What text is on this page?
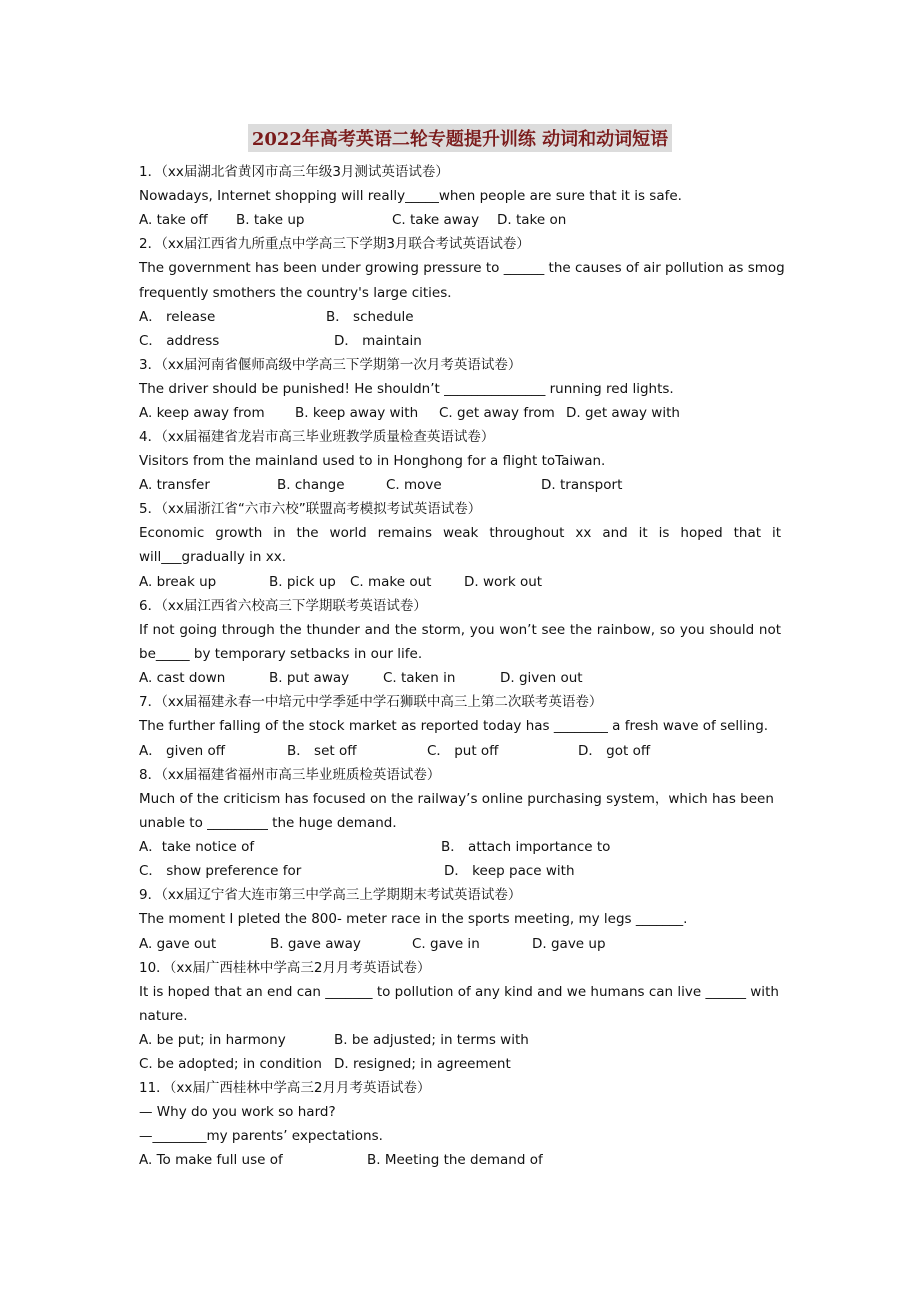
2022年高考英语二轮专题提升训练 动词和动词短语
1．（xx届湖北省黄冈市高三年级3月测试英语试卷）
Nowadays, Internet shopping will really_____when people are sure that it is safe.
A. take off B. take up	C. take away D. take on
2．（xx届江西省九所重点中学高三下学期3月联合考试英语试卷）
The government has been under growing pressure to ______ the causes of air pollution as smog
frequently smothers the country's large cities．
A． release	B． schedule
C． address	D． maintain
3．（xx届河南省偃师高级中学高三下学期第一次月考英语试卷）
The driver should be punished! He shouldn’t _______________ running red lights.
A. keep away from B. keep away with C. get away from D. get away with
4．（xx届福建省龙岩市高三毕业班教学质量检查英语试卷）
Visitors from the mainland used to in Honghong for a flight toTaiwan.
A. transfer	B. change	C. move	D. transport
5．（xx届浙江省“六市六校”联盟高考模拟考试英语试卷）
Economic growth in the world remains weak throughout xx and it is hoped that it
will___gradually in xx.
A. break up	B. pick up C. make out D. work out
6．（xx届江西省六校高三下学期联考英语试卷）
If not going through the thunder and the storm, you won’t see the rainbow, so you should not
be_____ by temporary setbacks in our life.
A. cast down	B. put away	C. taken in	D. given out
7．（xx届福建永春一中培元中学季延中学石狮联中高三上第二次联考英语卷）
The further falling of the stock market as reported today has ________ a fresh wave of selling.
A． given off	B． set off	C． put off	D． got off
8．（xx届福建省福州市高三毕业班质检英语试卷）
Much of the criticism has focused on the railway’s online purchasing system，which has been
unable to _________ the huge demand．
A．take notice of	B． attach importance to
C． show preference for	D． keep pace with
9．（xx届辽宁省大连市第三中学高三上学期期末考试英语试卷）
The moment I pleted the 800- meter race in the sports meeting, my legs _______.
A. gave out	B. gave away	C. gave in	D. gave up
10．（xx届广西桂林中学高三2月月考英语试卷）
It is hoped that an end can _______ to pollution of any kind and we humans can live ______ with
nature.
A. be put; in harmony	B. be adjusted; in terms with
C. be adopted; in condition D. resigned; in agreement
11．（xx届广西桂林中学高三2月月考英语试卷）
— Why do you work so hard?
—________my parents’ expectations.
A. To make full use of	B. Meeting the demand of
